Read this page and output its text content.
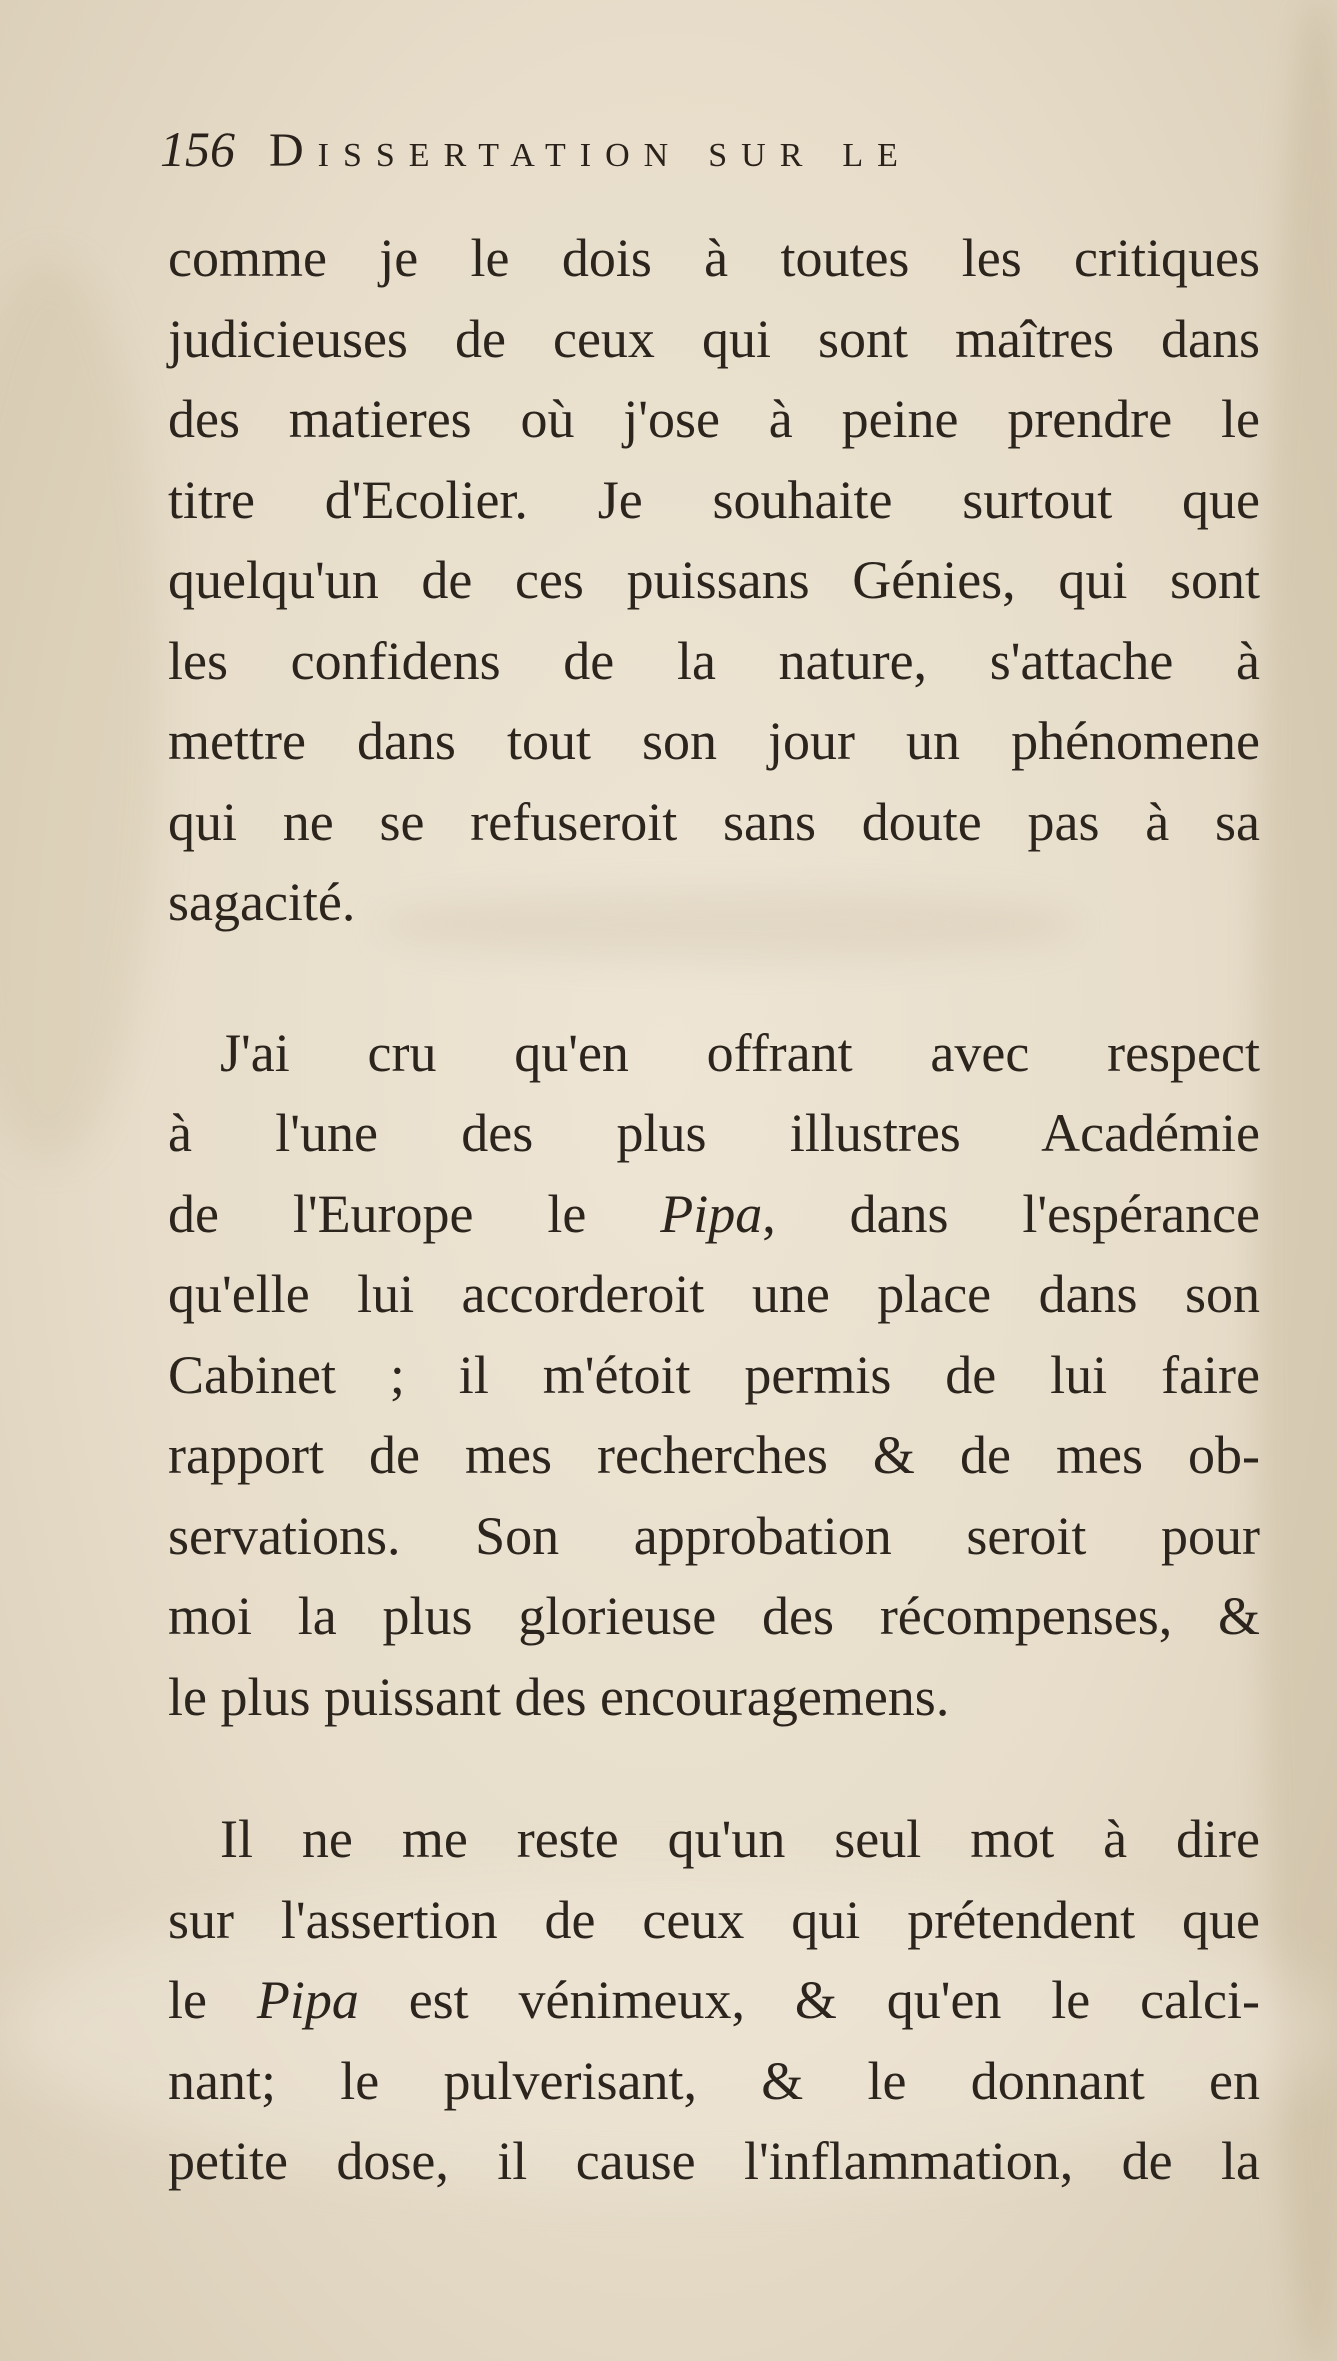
156 Dissertation sur le
comme je le dois à toutes les critiques
judicieuses de ceux qui sont maîtres dans
des matieres où j'ose à peine prendre le
titre d'Ecolier. Je souhaite surtout que
quelqu'un de ces puissans Génies, qui sont
les confidens de la nature, s'attache à
mettre dans tout son jour un phénomene
qui ne se refuseroit sans doute pas à sa
sagacité.
J'ai cru qu'en offrant avec respect
à l'une des plus illustres Académie
de l'Europe le Pipa, dans l'espérance
qu'elle lui accorderoit une place dans son
Cabinet ; il m'étoit permis de lui faire
rapport de mes recherches & de mes ob-
servations. Son approbation seroit pour
moi la plus glorieuse des récompenses, &
le plus puissant des encouragemens.
Il ne me reste qu'un seul mot à dire
sur l'assertion de ceux qui prétendent que
le Pipa est vénimeux, & qu'en le calci-
nant; le pulverisant, & le donnant en
petite dose, il cause l'inflammation, de la
